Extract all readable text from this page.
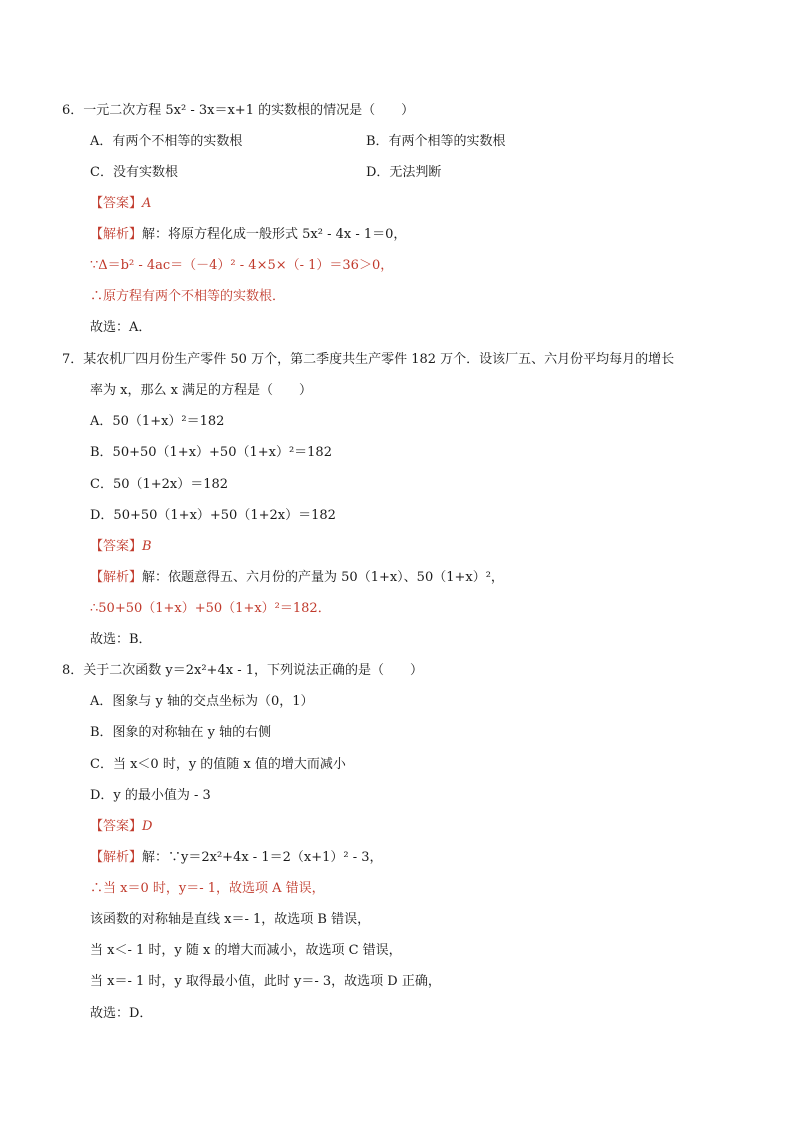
6．一元二次方程 5x² - 3x＝x+1 的实数根的情况是（　　）
A．有两个不相等的实数根	B．有两个相等的实数根
C．没有实数根	D．无法判断
【答案】A
【解析】解：将原方程化成一般形式 5x² - 4x - 1＝0，
∵Δ＝b² - 4ac＝（－4）² - 4×5×（- 1）＝36＞0，
∴原方程有两个不相等的实数根．
故选：A．
7．某农机厂四月份生产零件 50 万个，第二季度共生产零件 182 万个．设该厂五、六月份平均每月的增长
率为 x，那么 x 满足的方程是（　　）
A．50（1+x）²＝182
B．50+50（1+x）+50（1+x）²＝182
C．50（1+2x）＝182
D．50+50（1+x）+50（1+2x）＝182
【答案】B
【解析】解：依题意得五、六月份的产量为 50（1+x）、50（1+x）²，
∴50+50（1+x）+50（1+x）²＝182．
故选：B．
8．关于二次函数 y＝2x²+4x - 1，下列说法正确的是（　　）
A．图象与 y 轴的交点坐标为（0，1）
B．图象的对称轴在 y 轴的右侧
C．当 x＜0 时，y 的值随 x 值的增大而减小
D．y 的最小值为 - 3
【答案】D
【解析】解：∵y＝2x²+4x - 1＝2（x+1）² - 3，
∴当 x＝0 时，y＝- 1，故选项 A 错误，
该函数的对称轴是直线 x＝- 1，故选项 B 错误，
当 x＜- 1 时，y 随 x 的增大而减小，故选项 C 错误，
当 x＝- 1 时，y 取得最小值，此时 y＝- 3，故选项 D 正确，
故选：D．
